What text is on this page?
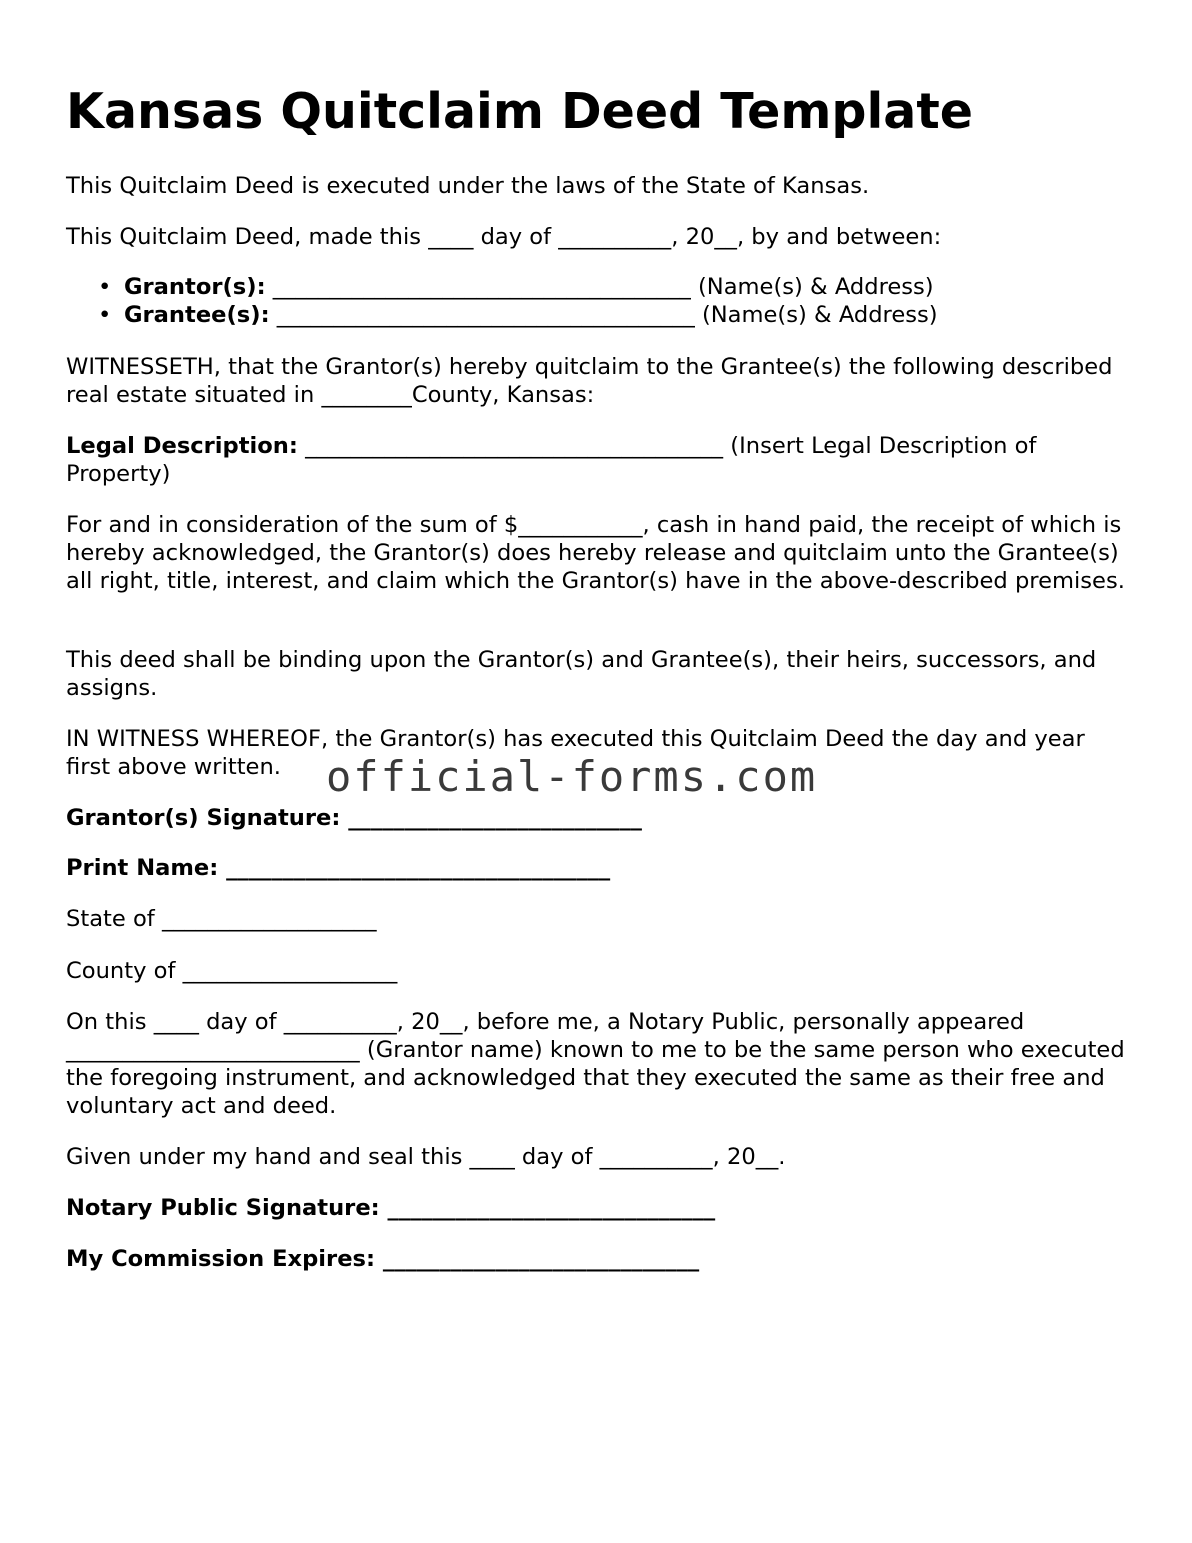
Kansas Quitclaim Deed Template

This Quitclaim Deed is executed under the laws of the State of Kansas.

This Quitclaim Deed, made this ____ day of __________, 20__, by and between:

• Grantor(s): _____________________________________ (Name(s) & Address)
• Grantee(s): _____________________________________ (Name(s) & Address)

WITNESSETH, that the Grantor(s) hereby quitclaim to the Grantee(s) the following described real estate situated in ________County, Kansas:

Legal Description: _____________________________________ (Insert Legal Description of Property)

For and in consideration of the sum of $___________, cash in hand paid, the receipt of which is hereby acknowledged, the Grantor(s) does hereby release and quitclaim unto the Grantee(s) all right, title, interest, and claim which the Grantor(s) have in the above-described premises.

This deed shall be binding upon the Grantor(s) and Grantee(s), their heirs, successors, and assigns.

IN WITNESS WHEREOF, the Grantor(s) has executed this Quitclaim Deed the day and year first above written.

Grantor(s) Signature: __________________________

Print Name: __________________________________

State of ___________________

County of ___________________

On this ____ day of __________, 20__, before me, a Notary Public, personally appeared __________________________ (Grantor name) known to me to be the same person who executed the foregoing instrument, and acknowledged that they executed the same as their free and voluntary act and deed.

Given under my hand and seal this ____ day of __________, 20__.

Notary Public Signature: _____________________________

My Commission Expires: ____________________________

official-forms.com
